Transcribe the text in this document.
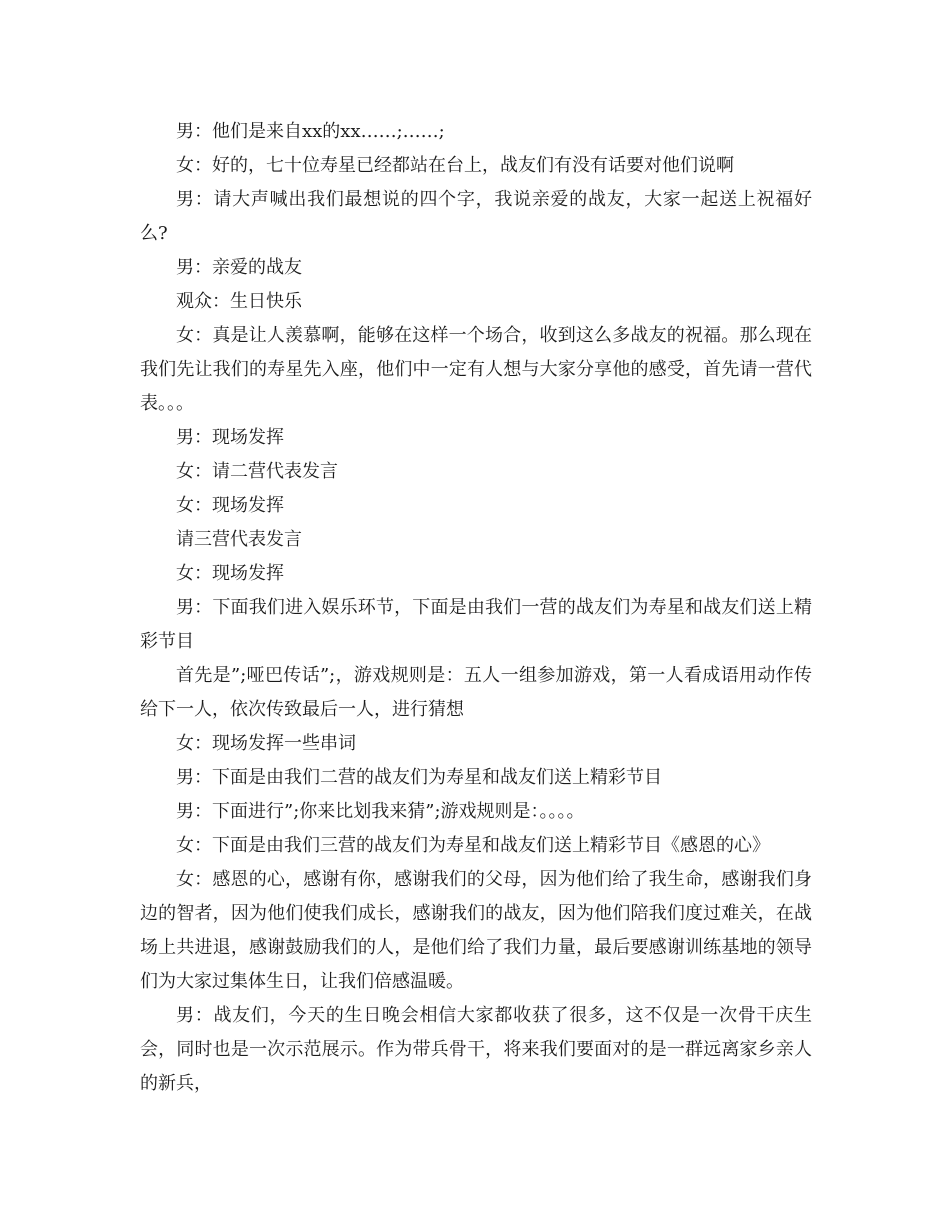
男：他们是来自xx的xx……;……;

女：好的，七十位寿星已经都站在台上，战友们有没有话要对他们说啊

男：请大声喊出我们最想说的四个字，我说亲爱的战友，大家一起送上祝福好么?

男：亲爱的战友

观众：生日快乐

女：真是让人羡慕啊，能够在这样一个场合，收到这么多战友的祝福。那么现在我们先让我们的寿星先入座，他们中一定有人想与大家分享他的感受，首先请一营代表。。。

男：现场发挥

女：请二营代表发言

女：现场发挥

请三营代表发言

女：现场发挥

男：下面我们进入娱乐环节，下面是由我们一营的战友们为寿星和战友们送上精彩节目

首先是”;哑巴传话”;，游戏规则是：五人一组参加游戏，第一人看成语用动作传给下一人，依次传致最后一人，进行猜想

女：现场发挥一些串词

男：下面是由我们二营的战友们为寿星和战友们送上精彩节目

男：下面进行”;你来比划我来猜”;游戏规则是：。。。。

女：下面是由我们三营的战友们为寿星和战友们送上精彩节目《感恩的心》

女：感恩的心，感谢有你，感谢我们的父母，因为他们给了我生命，感谢我们身边的智者，因为他们使我们成长，感谢我们的战友，因为他们陪我们度过难关，在战场上共进退，感谢鼓励我们的人，是他们给了我们力量，最后要感谢训练基地的领导们为大家过集体生日，让我们倍感温暖。

男：战友们，今天的生日晚会相信大家都收获了很多，这不仅是一次骨干庆生会，同时也是一次示范展示。作为带兵骨干，将来我们要面对的是一群远离家乡亲人的新兵，
